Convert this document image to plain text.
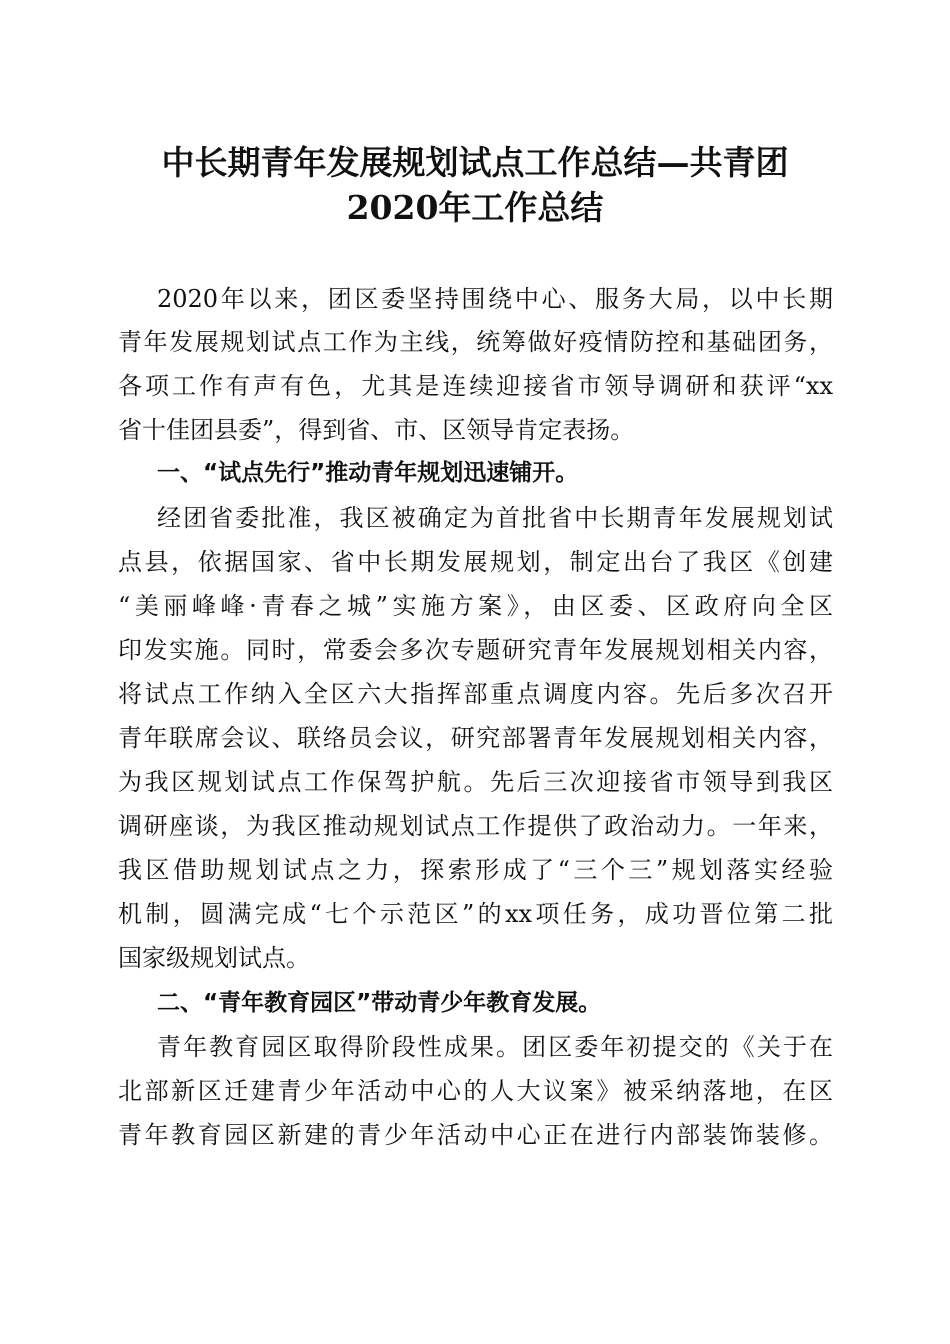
中长期青年发展规划试点工作总结—共青团
2020年工作总结
2020年以来，团区委坚持围绕中心、服务大局，以中长期
青年发展规划试点工作为主线，统筹做好疫情防控和基础团务，
各项工作有声有色，尤其是连续迎接省市领导调研和获评“xx
省十佳团县委”，得到省、市、区领导肯定表扬。
一、“试点先行”推动青年规划迅速铺开。
经团省委批准，我区被确定为首批省中长期青年发展规划试
点县，依据国家、省中长期发展规划，制定出台了我区《创建
“美丽峰峰·青春之城”实施方案》，由区委、区政府向全区
印发实施。同时，常委会多次专题研究青年发展规划相关内容，
将试点工作纳入全区六大指挥部重点调度内容。先后多次召开
青年联席会议、联络员会议，研究部署青年发展规划相关内容，
为我区规划试点工作保驾护航。先后三次迎接省市领导到我区
调研座谈，为我区推动规划试点工作提供了政治动力。一年来，
我区借助规划试点之力，探索形成了“三个三”规划落实经验
机制，圆满完成“七个示范区”的xx项任务，成功晋位第二批
国家级规划试点。
二、“青年教育园区”带动青少年教育发展。
青年教育园区取得阶段性成果。团区委年初提交的《关于在
北部新区迁建青少年活动中心的人大议案》被采纳落地，在区
青年教育园区新建的青少年活动中心正在进行内部装饰装修。
